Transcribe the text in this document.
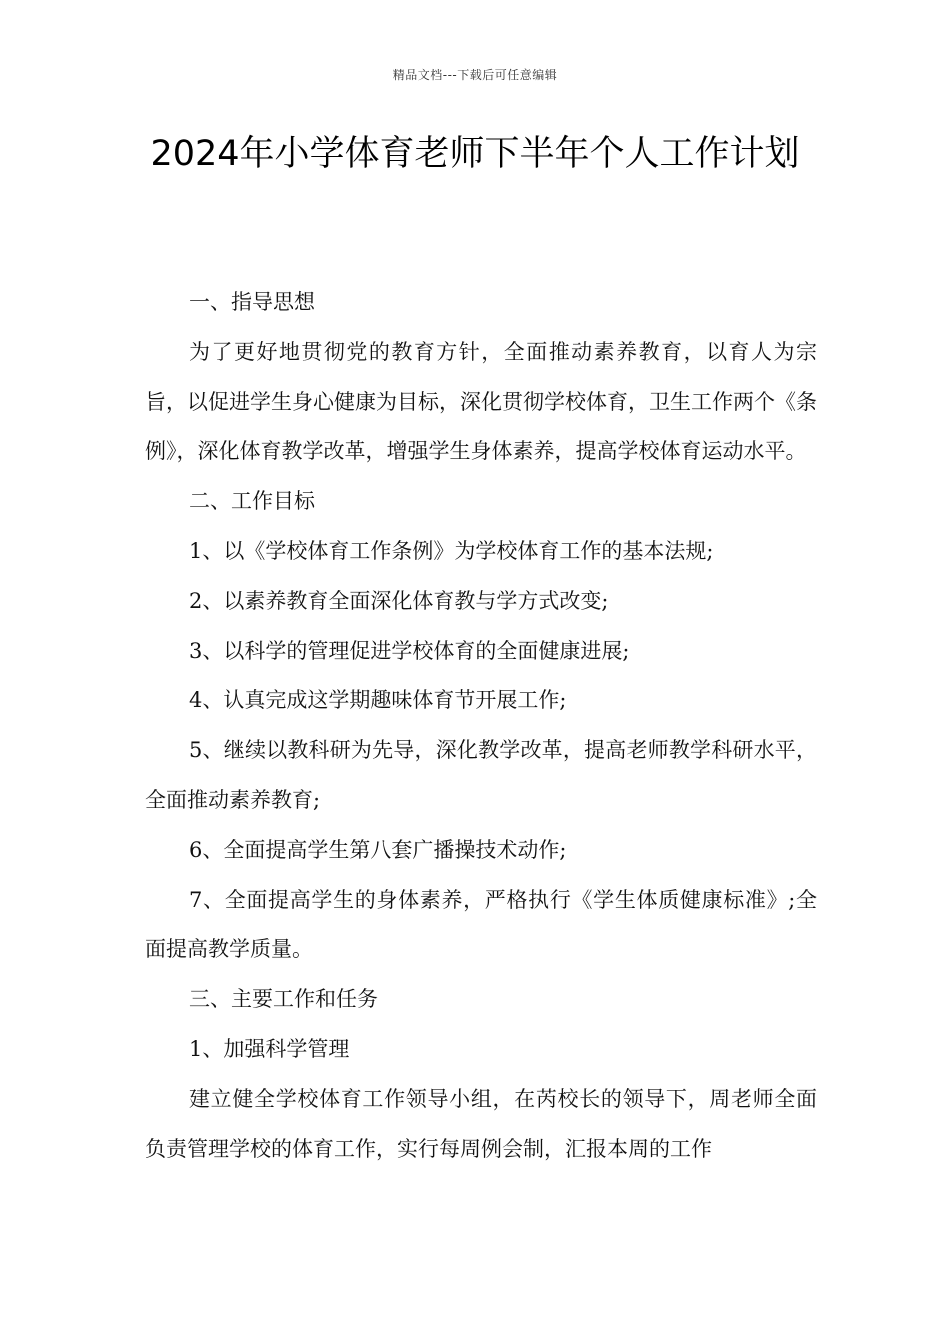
精品文档---下载后可任意编辑
2024年小学体育老师下半年个人工作计划

一、指导思想

为了更好地贯彻党的教育方针，全面推动素养教育，以育人为宗旨，以促进学生身心健康为目标，深化贯彻学校体育，卫生工作两个《条例》，深化体育教学改革，增强学生身体素养，提高学校体育运动水平。

二、工作目标

1、以《学校体育工作条例》为学校体育工作的基本法规;

2、以素养教育全面深化体育教与学方式改变;

3、以科学的管理促进学校体育的全面健康进展;

4、认真完成这学期趣味体育节开展工作;

5、继续以教科研为先导，深化教学改革，提高老师教学科研水平，全面推动素养教育;

6、全面提高学生第八套广播操技术动作;

7、全面提高学生的身体素养，严格执行《学生体质健康标准》;全面提高教学质量。

三、主要工作和任务

1、加强科学管理

建立健全学校体育工作领导小组，在芮校长的领导下，周老师全面负责管理学校的体育工作，实行每周例会制，汇报本周的工作
